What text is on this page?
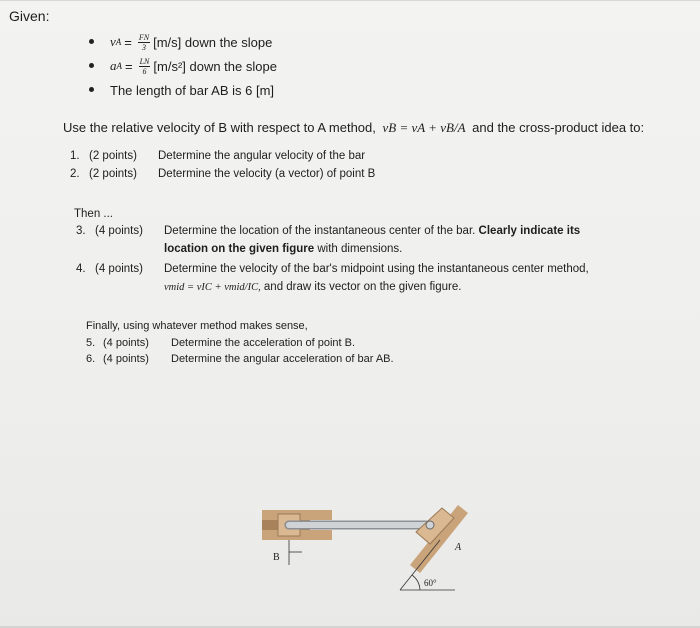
Given:
v $A = \frac{FN}{3} [m/s]$ down the slope
a $A = \frac{LN}{6} [m/s^2]$ down the slope
The length of bar AB is 6 [m]
Use the relative velocity of B with respect to A method, vB = vA + vB/A and the cross-product idea to:
1. (2 points) Determine the angular velocity of the bar
2. (2 points) Determine the velocity (a vector) of point B
Then ...
3. (4 points) Determine the location of the instantaneous center of the bar. Clearly indicate its
location on the given figure with dimensions.
4. (4 points) Determine the velocity of the bar's midpoint using the instantaneous center method,
vmid = vIC + vmid/IC, and draw its vector on the given figure.
Finally, using whatever method makes sense,
5. (4 points) Determine the acceleration of point B.
6. (4 points) Determine the angular acceleration of bar AB.
B
A
60°
